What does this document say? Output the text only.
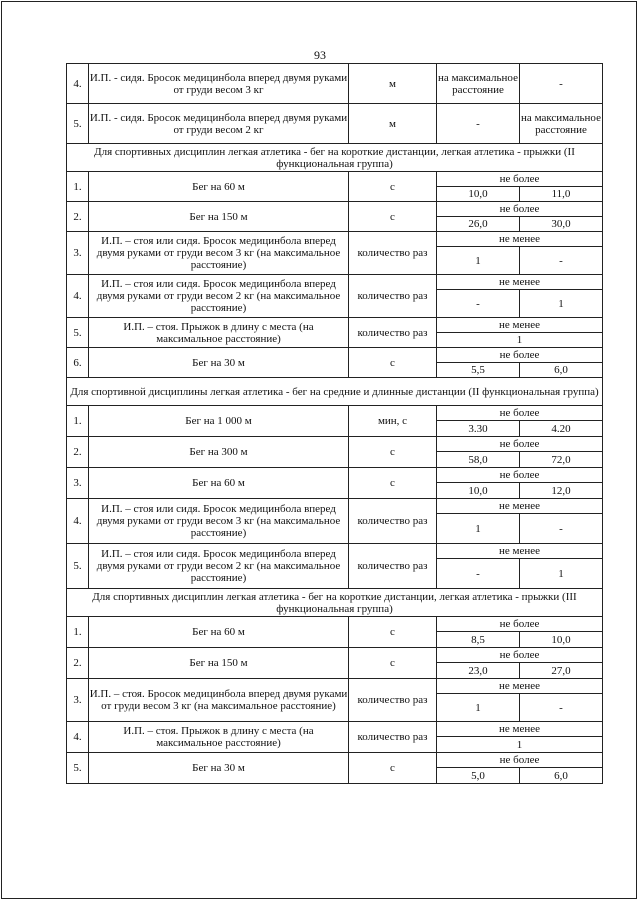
93
4.	И.П. - сидя. Бросок медицинбола вперед двумя руками от груди весом 3 кг	м	на максимальное расстояние	-
5.	И.П. - сидя. Бросок медицинбола вперед двумя руками от груди весом 2 кг	м	-	на максимальное расстояние
Для спортивных дисциплин легкая атлетика - бег на короткие дистанции, легкая атлетика - прыжки (II функциональная группа)				
1.	Бег на 60 м	с	не более	
			10,0	11,0
2.	Бег на 150 м	с	не более	
			26,0	30,0
3.	И.П. – стоя или сидя. Бросок медицинбола вперед двумя руками от груди весом 3 кг (на максимальное расстояние)	количество раз	не менее	
			1	-
4.	И.П. – стоя или сидя. Бросок медицинбола вперед двумя руками от груди весом 2 кг (на максимальное расстояние)	количество раз	не менее	
			-	1
5.	И.П. – стоя. Прыжок в длину с места (на максимальное расстояние)	количество раз	не менее	
			1	
6.	Бег на 30 м	с	не более	
			5,5	6,0
Для спортивной дисциплины легкая атлетика - бег на средние и длинные дистанции (II функциональная группа)				
1.	Бег на 1 000 м	мин, с	не более	
			3.30	4.20
2.	Бег на 300 м	с	не более	
			58,0	72,0
3.	Бег на 60 м	с	не более	
			10,0	12,0
4.	И.П. – стоя или сидя. Бросок медицинбола вперед двумя руками от груди весом 3 кг (на максимальное расстояние)	количество раз	не менее	
			1	-
5.	И.П. – стоя или сидя. Бросок медицинбола вперед двумя руками от груди весом 2 кг (на максимальное расстояние)	количество раз	не менее	
			-	1
Для спортивных дисциплин легкая атлетика - бег на короткие дистанции, легкая атлетика - прыжки (III функциональная группа)				
1.	Бег на 60 м	с	не более	
			8,5	10,0
2.	Бег на 150 м	с	не более	
			23,0	27,0
3.	И.П. – стоя. Бросок медицинбола вперед двумя руками от груди весом 3 кг (на максимальное расстояние)	количество раз	не менее	
			1	-
4.	И.П. – стоя. Прыжок в длину с места (на максимальное расстояние)	количество раз	не менее	
			1	
5.	Бег на 30 м	с	не более	
			5,0	6,0
